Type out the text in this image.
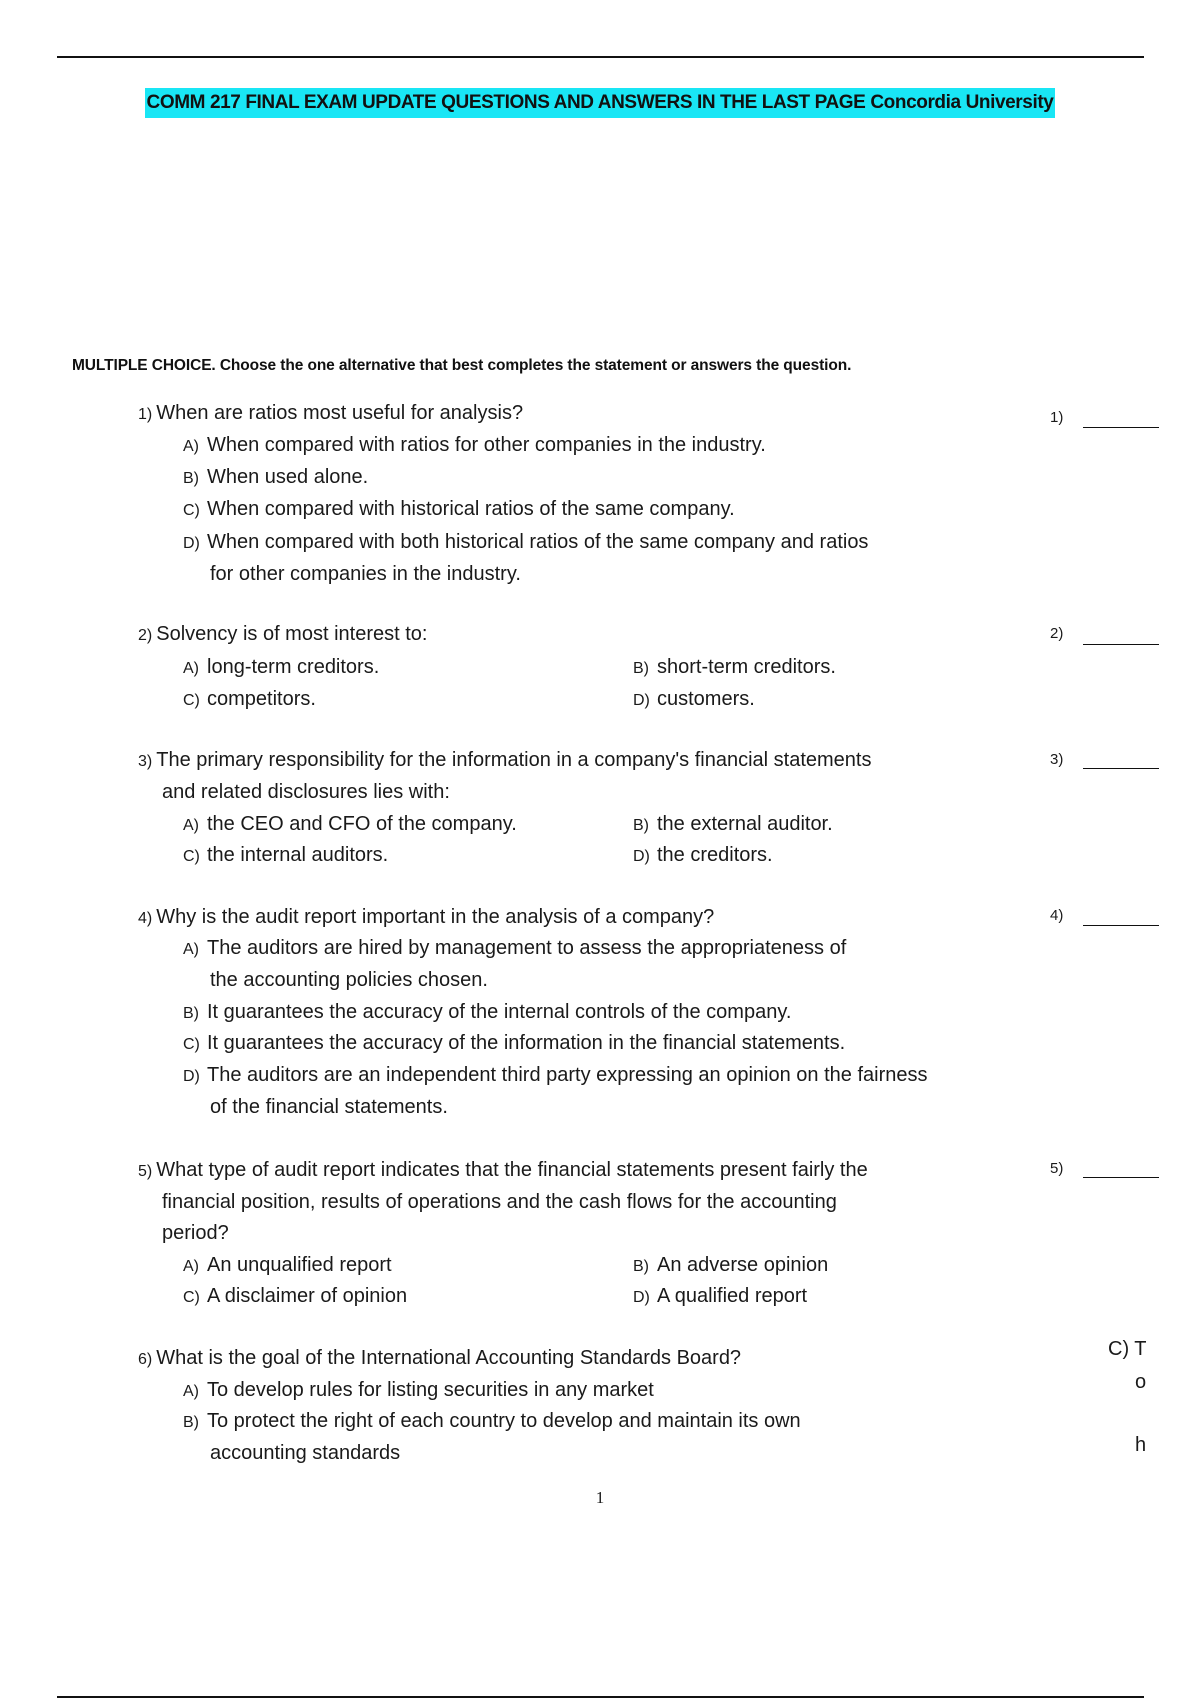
COMM 217 FINAL EXAM UPDATE QUESTIONS AND ANSWERS IN THE LAST PAGE Concordia University
MULTIPLE CHOICE. Choose the one alternative that best completes the statement or answers the question.
1) When are ratios most useful for analysis?	1)
A) When compared with ratios for other companies in the industry.
B) When used alone.
C) When compared with historical ratios of the same company.
D) When compared with both historical ratios of the same company and ratios
for other companies in the industry.
2) Solvency is of most interest to:	2)
A) long-term creditors.	B) short-term creditors.
C) competitors.	D) customers.
3) The primary responsibility for the information in a company's financial statements
and related disclosures lies with:
3)
A) the CEO and CFO of the company.	B) the external auditor.
C) the internal auditors.	D) the creditors.
4) Why is the audit report important in the analysis of a company?	4)
A) The auditors are hired by management to assess the appropriateness of
the accounting policies chosen.
B) It guarantees the accuracy of the internal controls of the company.
C) It guarantees the accuracy of the information in the financial statements.
D) The auditors are an independent third party expressing an opinion on the fairness
of the financial statements.
5) What type of audit report indicates that the financial statements present fairly the
financial position, results of operations and the cash flows for the accounting
period?
5)
A) An unqualified report	B) An adverse opinion
C) A disclaimer of opinion	D) A qualified report
6) What is the goal of the International Accounting Standards Board?
A) To develop rules for listing securities in any market
B) To protect the right of each country to develop and maintain its own
accounting standards
C) T
o
h
1
